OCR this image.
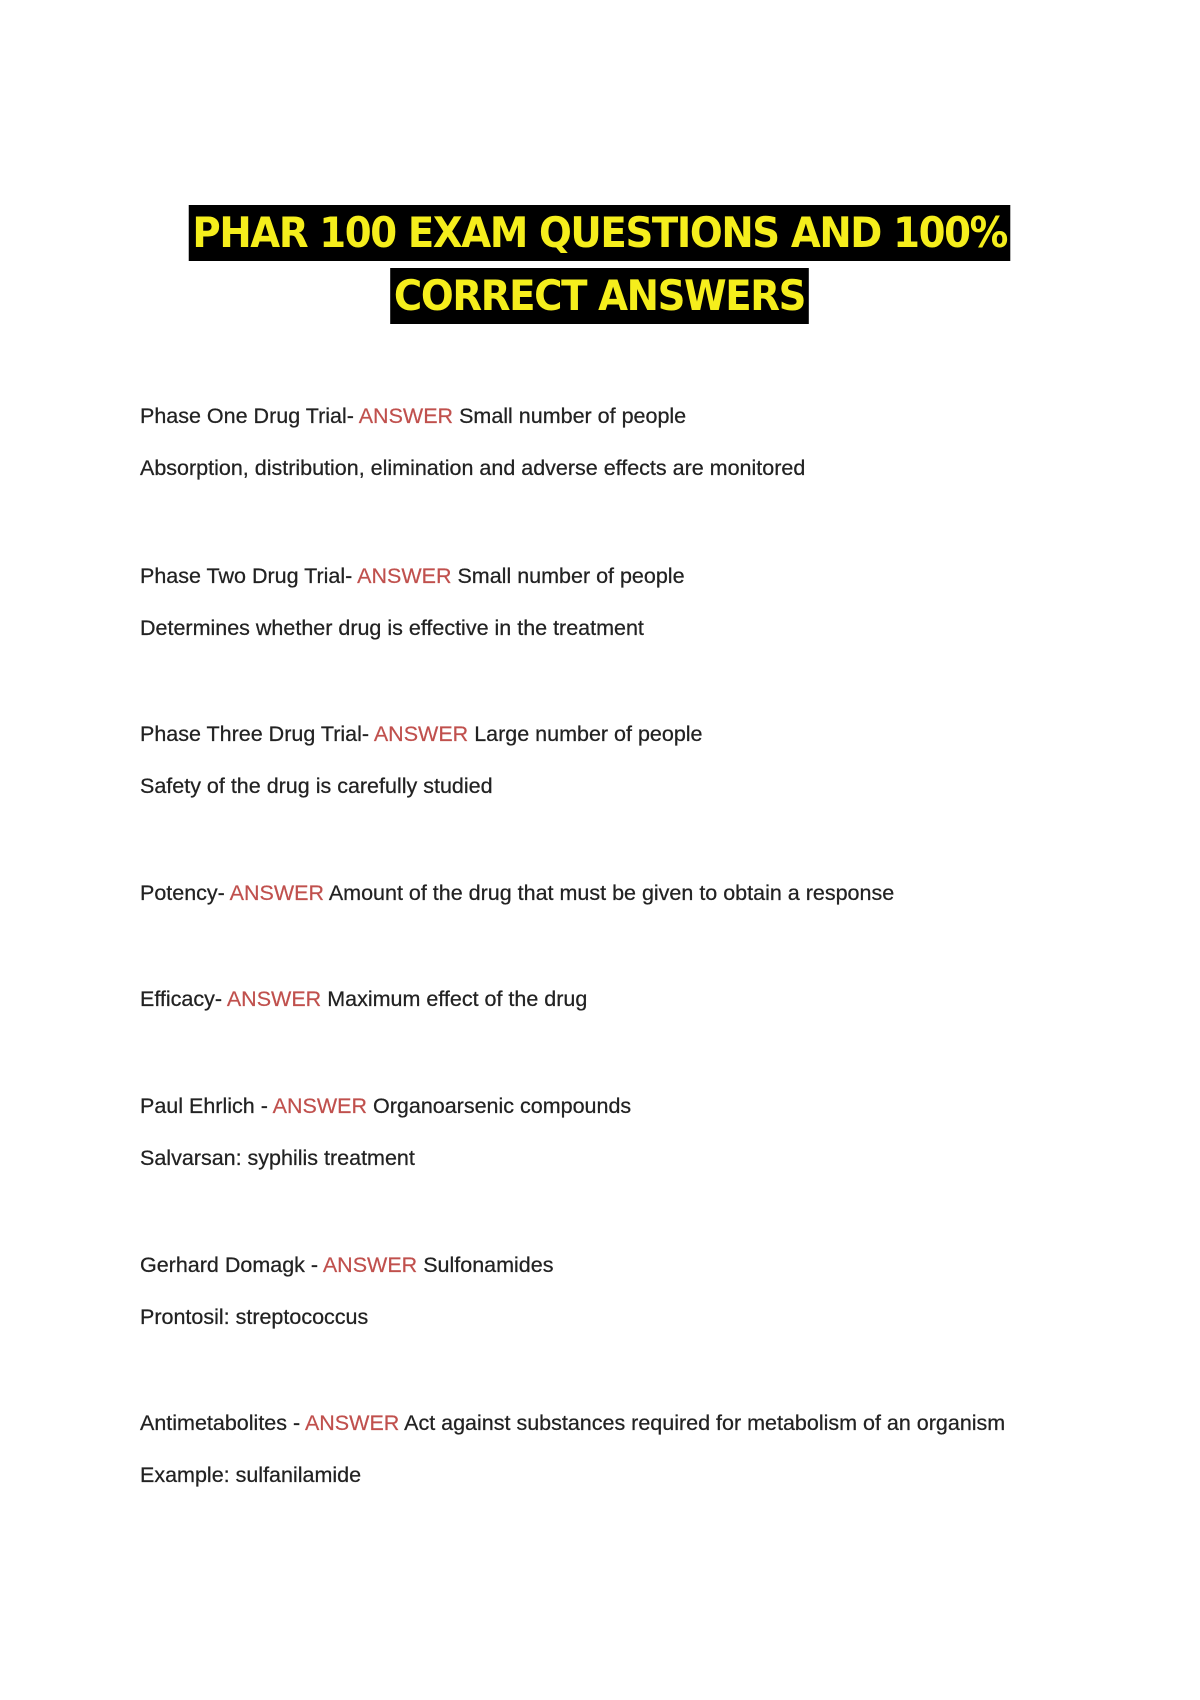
PHAR 100 EXAM QUESTIONS AND 100%
CORRECT ANSWERS
Phase One Drug Trial- ANSWER Small number of people
Absorption, distribution, elimination and adverse effects are monitored
Phase Two Drug Trial- ANSWER Small number of people
Determines whether drug is effective in the treatment
Phase Three Drug Trial- ANSWER Large number of people
Safety of the drug is carefully studied
Potency- ANSWER Amount of the drug that must be given to obtain a response
Efficacy- ANSWER Maximum effect of the drug
Paul Ehrlich - ANSWER Organoarsenic compounds
Salvarsan: syphilis treatment
Gerhard Domagk - ANSWER Sulfonamides
Prontosil: streptococcus
Antimetabolites - ANSWER Act against substances required for metabolism of an organism
Example: sulfanilamide
